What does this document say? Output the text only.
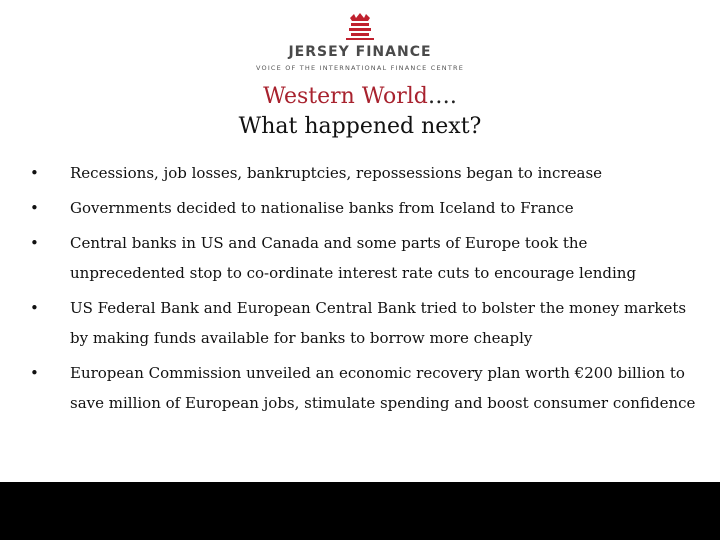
JERSEY FINANCE
VOICE OF THE INTERNATIONAL FINANCE CENTRE
Western World….
What happened next?
• Recessions, job losses, bankruptcies, repossessions began to increase
• Governments decided to nationalise banks from Iceland to France
• Central banks in US and Canada and some parts of Europe took the unprecedented stop to co-ordinate interest rate cuts to encourage lending
• US Federal Bank and European Central Bank tried to bolster the money markets by making funds available for banks to borrow more cheaply
• European Commission unveiled an economic recovery plan worth €200 billion to save million of European jobs, stimulate spending and boost consumer confidence
